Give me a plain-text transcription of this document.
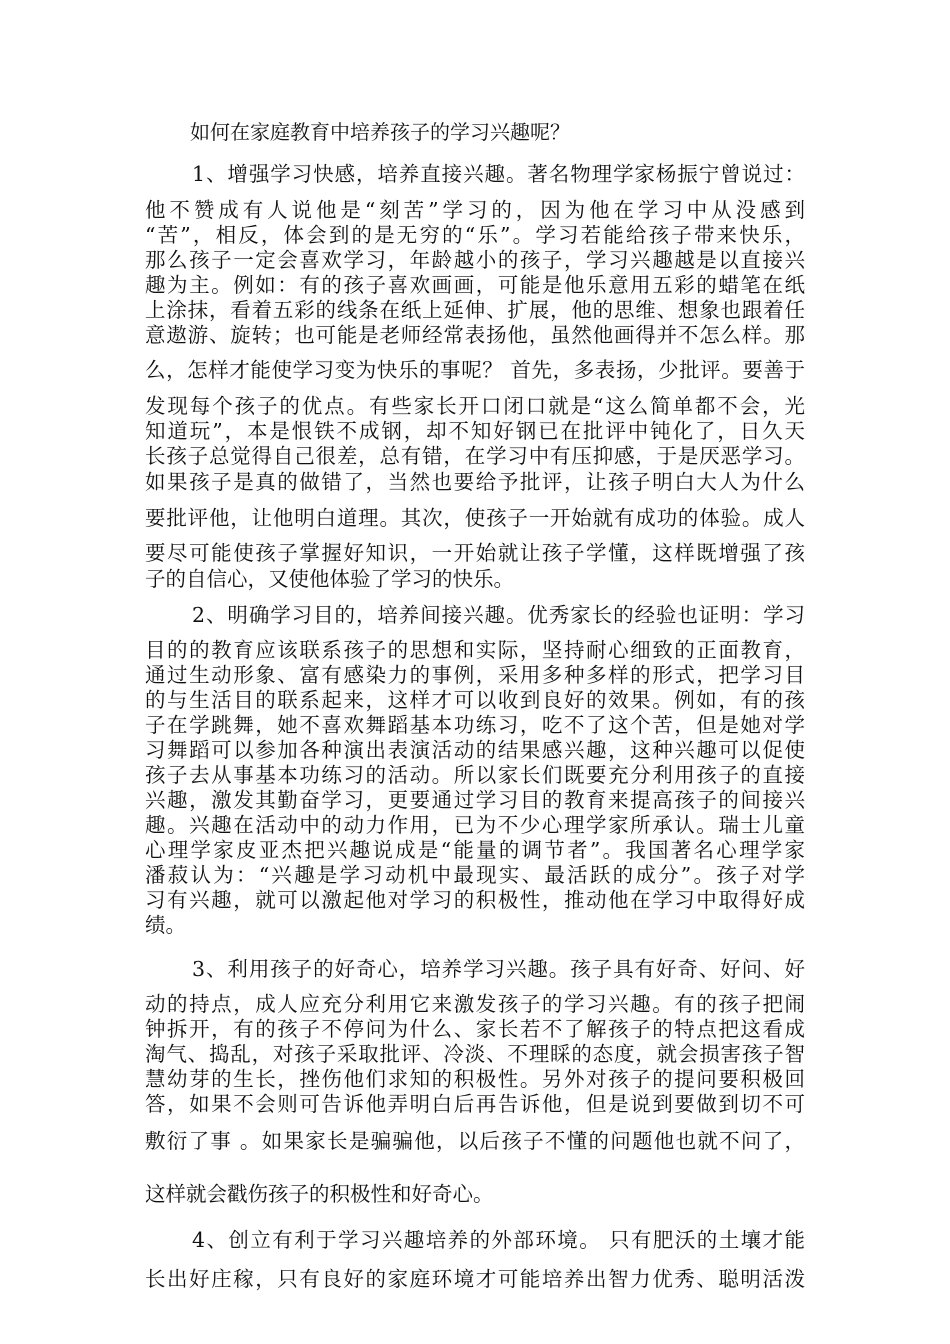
如何在家庭教育中培养孩子的学习兴趣呢？
1、增强学习快感，培养直接兴趣。著名物理学家杨振宁曾说过：
他不赞成有人说他是“刻苦”学习的，因为他在学习中从没感到
“苦”，相反，体会到的是无穷的“乐”。学习若能给孩子带来快乐，
那么孩子一定会喜欢学习，年龄越小的孩子，学习兴趣越是以直接兴
趣为主。例如：有的孩子喜欢画画，可能是他乐意用五彩的蜡笔在纸
上涂抹，看着五彩的线条在纸上延伸、扩展，他的思维、想象也跟着任
意遨游、旋转；也可能是老师经常表扬他，虽然他画得并不怎么样。那
么，怎样才能使学习变为快乐的事呢？ 首先，多表扬，少批评。要善于
发现每个孩子的优点。有些家长开口闭口就是“这么简单都不会，光
知道玩”，本是恨铁不成钢，却不知好钢已在批评中钝化了，日久天
长孩子总觉得自己很差，总有错，在学习中有压抑感，于是厌恶学习。
如果孩子是真的做错了，当然也要给予批评，让孩子明白大人为什么
要批评他，让他明白道理。其次，使孩子一开始就有成功的体验。成人
要尽可能使孩子掌握好知识，一开始就让孩子学懂，这样既增强了孩
子的自信心，又使他体验了学习的快乐。
2、明确学习目的，培养间接兴趣。优秀家长的经验也证明：学习
目的的教育应该联系孩子的思想和实际，坚持耐心细致的正面教育，
通过生动形象、富有感染力的事例，采用多种多样的形式，把学习目
的与生活目的联系起来，这样才可以收到良好的效果。例如，有的孩
子在学跳舞，她不喜欢舞蹈基本功练习，吃不了这个苦，但是她对学
习舞蹈可以参加各种演出表演活动的结果感兴趣，这种兴趣可以促使
孩子去从事基本功练习的活动。所以家长们既要充分利用孩子的直接
兴趣，激发其勤奋学习，更要通过学习目的教育来提高孩子的间接兴
趣。兴趣在活动中的动力作用，已为不少心理学家所承认。瑞士儿童
心理学家皮亚杰把兴趣说成是“能量的调节者”。我国著名心理学家
潘菽认为：“兴趣是学习动机中最现实、最活跃的成分”。孩子对学
习有兴趣，就可以激起他对学习的积极性，推动他在学习中取得好成
绩。
3、利用孩子的好奇心，培养学习兴趣。孩子具有好奇、好问、好
动的持点，成人应充分利用它来激发孩子的学习兴趣。有的孩子把闹
钟拆开，有的孩子不停问为什么、家长若不了解孩子的特点把这看成
淘气、捣乱，对孩子采取批评、冷淡、不理睬的态度，就会损害孩子智
慧幼芽的生长，挫伤他们求知的积极性。另外对孩子的提问要积极回
答，如果不会则可告诉他弄明白后再告诉他，但是说到要做到切不可
敷衍了事 。如果家长是骗骗他，以后孩子不懂的问题他也就不问了，
这样就会戳伤孩子的积极性和好奇心。
4、创立有利于学习兴趣培养的外部环境。 只有肥沃的土壤才能
长出好庄稼，只有良好的家庭环境才可能培养出智力优秀、聪明活泼
